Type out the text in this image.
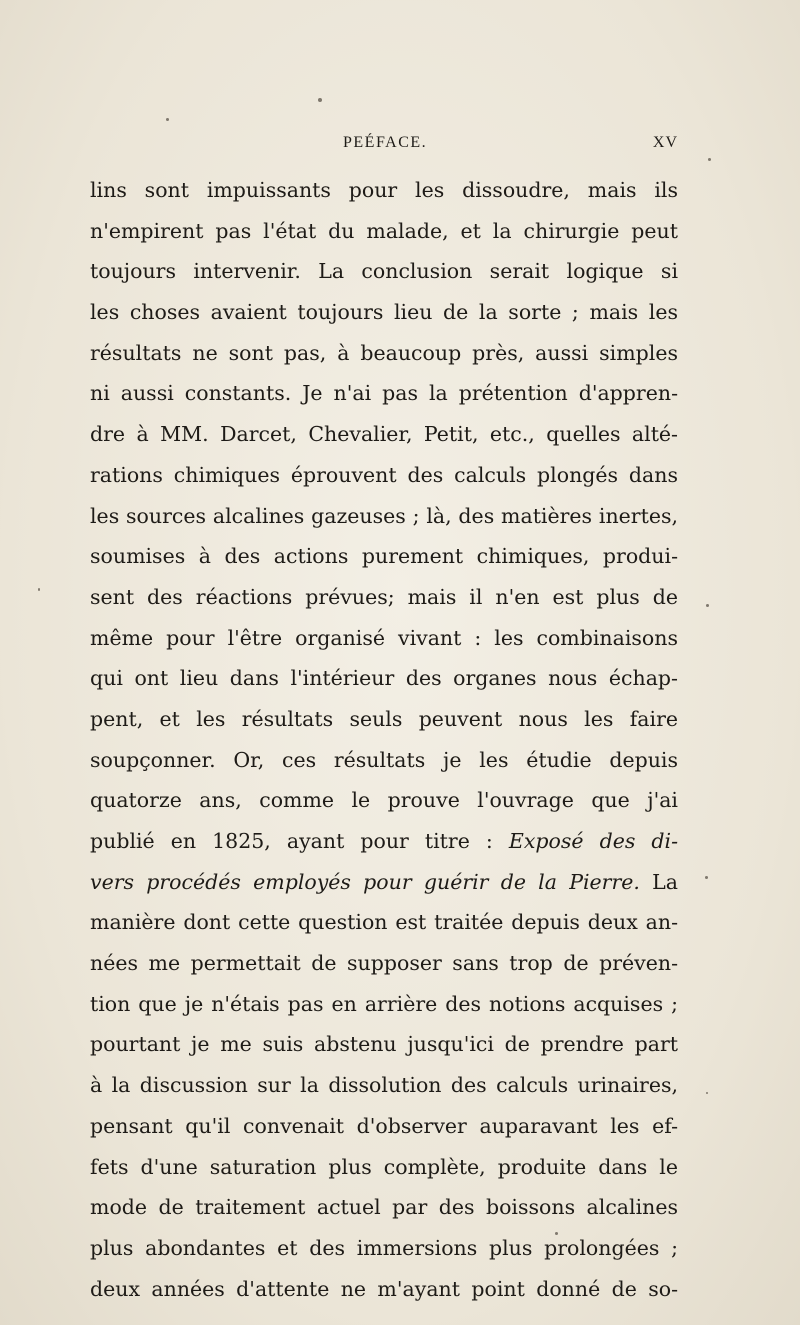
PEÉFACE.	XV
lins sont impuissants pour les dissoudre, mais ils
n'empirent pas l'état du malade, et la chirurgie peut
toujours intervenir. La conclusion serait logique si
les choses avaient toujours lieu de la sorte ; mais les
résultats ne sont pas, à beaucoup près, aussi simples
ni aussi constants. Je n'ai pas la prétention d'appren-
dre à MM. Darcet, Chevalier, Petit, etc., quelles alté-
rations chimiques éprouvent des calculs plongés dans
les sources alcalines gazeuses ; là, des matières inertes,
soumises à des actions purement chimiques, produi-
sent des réactions prévues; mais il n'en est plus de
même pour l'être organisé vivant : les combinaisons
qui ont lieu dans l'intérieur des organes nous échap-
pent, et les résultats seuls peuvent nous les faire
soupçonner. Or, ces résultats je les étudie depuis
quatorze ans, comme le prouve l'ouvrage que j'ai
publié en 1825, ayant pour titre : Exposé des di-
vers procédés employés pour guérir de la Pierre. La
manière dont cette question est traitée depuis deux an-
nées me permettait de supposer sans trop de préven-
tion que je n'étais pas en arrière des notions acquises ;
pourtant je me suis abstenu jusqu'ici de prendre part
à la discussion sur la dissolution des calculs urinaires,
pensant qu'il convenait d'observer auparavant les ef-
fets d'une saturation plus complète, produite dans le
mode de traitement actuel par des boissons alcalines
plus abondantes et des immersions plus prolongées ;
deux années d'attente ne m'ayant point donné de so-
